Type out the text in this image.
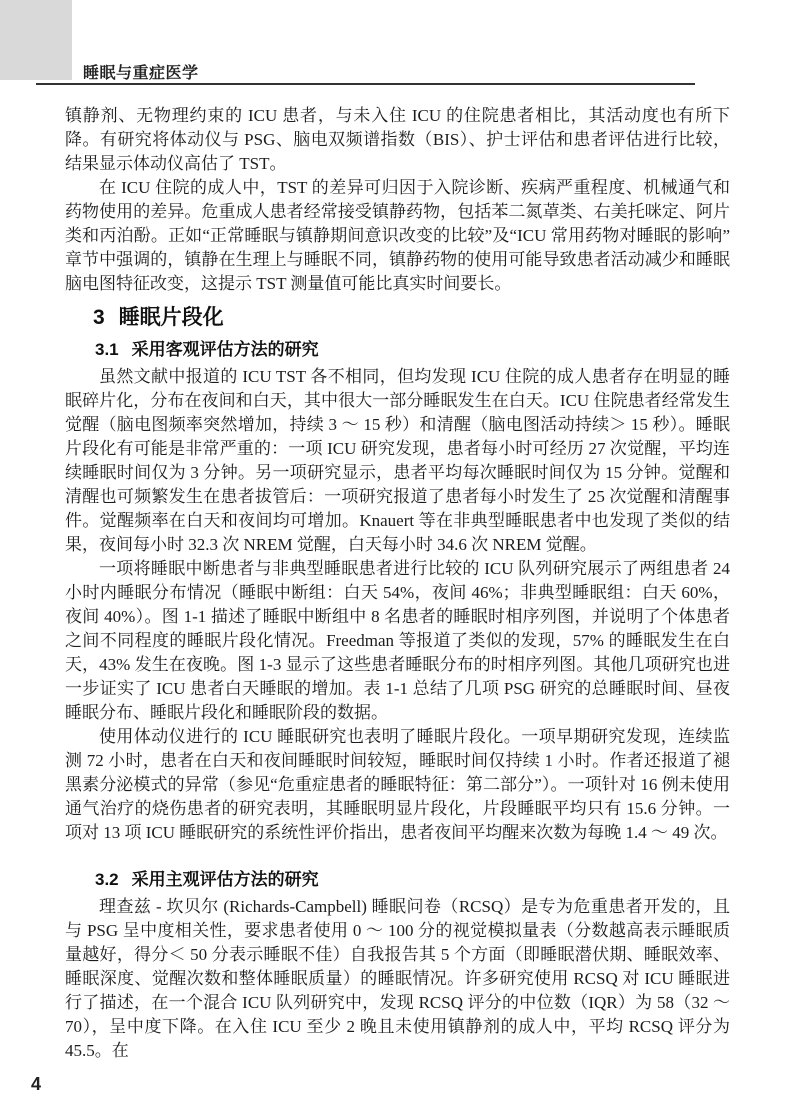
4
睡眠与重症医学

镇静剂、无物理约束的 ICU 患者，与未入住 ICU 的住院患者相比，其活动度也有所下降。有研究将体动仪与 PSG、脑电双频谱指数（BIS）、护士评估和患者评估进行比较，结果显示体动仪高估了 TST。

在 ICU 住院的成人中，TST 的差异可归因于入院诊断、疾病严重程度、机械通气和药物使用的差异。危重成人患者经常接受镇静药物，包括苯二氮䓬类、右美托咪定、阿片类和丙泊酚。正如“正常睡眠与镇静期间意识改变的比较”及“ICU 常用药物对睡眠的影响”章节中强调的，镇静在生理上与睡眠不同，镇静药物的使用可能导致患者活动减少和睡眠脑电图特征改变，这提示 TST 测量值可能比真实时间要长。

3 睡眠片段化
3.1 采用客观评估方法的研究

虽然文献中报道的 ICU TST 各不相同，但均发现 ICU 住院的成人患者存在明显的睡眠碎片化，分布在夜间和白天，其中很大一部分睡眠发生在白天。ICU 住院患者经常发生觉醒（脑电图频率突然增加，持续 3 ～ 15 秒）和清醒（脑电图活动持续＞ 15 秒）。睡眠片段化有可能是非常严重的：一项 ICU 研究发现，患者每小时可经历 27 次觉醒，平均连续睡眠时间仅为 3 分钟。另一项研究显示，患者平均每次睡眠时间仅为 15 分钟。觉醒和清醒也可频繁发生在患者拔管后：一项研究报道了患者每小时发生了 25 次觉醒和清醒事件。觉醒频率在白天和夜间均可增加。Knauert 等在非典型睡眠患者中也发现了类似的结果，夜间每小时 32.3 次 NREM 觉醒，白天每小时 34.6 次 NREM 觉醒。

一项将睡眠中断患者与非典型睡眠患者进行比较的 ICU 队列研究展示了两组患者 24 小时内睡眠分布情况（睡眠中断组：白天 54%，夜间 46%；非典型睡眠组：白天 60%，夜间 40%）。图 1-1 描述了睡眠中断组中 8 名患者的睡眠时相序列图，并说明了个体患者之间不同程度的睡眠片段化情况。Freedman 等报道了类似的发现，57% 的睡眠发生在白天，43% 发生在夜晚。图 1-3 显示了这些患者睡眠分布的时相序列图。其他几项研究也进一步证实了 ICU 患者白天睡眠的增加。表 1-1 总结了几项 PSG 研究的总睡眠时间、昼夜睡眠分布、睡眠片段化和睡眠阶段的数据。

使用体动仪进行的 ICU 睡眠研究也表明了睡眠片段化。一项早期研究发现，连续监测 72 小时，患者在白天和夜间睡眠时间较短，睡眠时间仅持续 1 小时。作者还报道了褪黑素分泌模式的异常（参见“危重症患者的睡眠特征：第二部分”）。一项针对 16 例未使用通气治疗的烧伤患者的研究表明，其睡眠明显片段化，片段睡眠平均只有 15.6 分钟。一项对 13 项 ICU 睡眠研究的系统性评价指出，患者夜间平均醒来次数为每晚 1.4 ～ 49 次。

3.2 采用主观评估方法的研究

理查兹 - 坎贝尔 (Richards-Campbell) 睡眠问卷（RCSQ）是专为危重患者开发的，且与 PSG 呈中度相关性，要求患者使用 0 ～ 100 分的视觉模拟量表（分数越高表示睡眠质量越好，得分＜ 50 分表示睡眠不佳）自我报告其 5 个方面（即睡眠潜伏期、睡眠效率、睡眠深度、觉醒次数和整体睡眠质量）的睡眠情况。许多研究使用 RCSQ 对 ICU 睡眠进行了描述，在一个混合 ICU 队列研究中，发现 RCSQ 评分的中位数（IQR）为 58（32 ～ 70），呈中度下降。在入住 ICU 至少 2 晚且未使用镇静剂的成人中，平均 RCSQ 评分为 45.5。在
